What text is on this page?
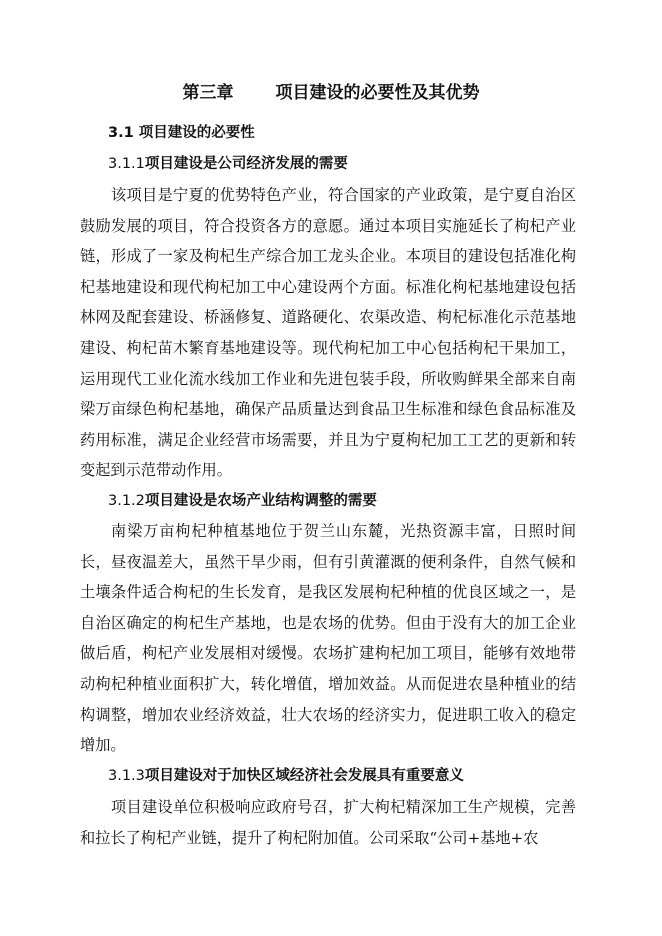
第三章 项目建设的必要性及其优势
3.1 项目建设的必要性
3.1.1项目建设是公司经济发展的需要

该项目是宁夏的优势特色产业，符合国家的产业政策，是宁夏自治区鼓励发展的项目，符合投资各方的意愿。通过本项目实施延长了枸杞产业链，形成了一家及枸杞生产综合加工龙头企业。本项目的建设包括准化枸杞基地建设和现代枸杞加工中心建设两个方面。标准化枸杞基地建设包括林网及配套建设、桥涵修复、道路硬化、农渠改造、枸杞标准化示范基地建设、枸杞苗木繁育基地建设等。现代枸杞加工中心包括枸杞干果加工，运用现代工业化流水线加工作业和先进包装手段，所收购鲜果全部来自南梁万亩绿色枸杞基地，确保产品质量达到食品卫生标准和绿色食品标准及药用标准，满足企业经营市场需要，并且为宁夏枸杞加工工艺的更新和转变起到示范带动作用。

3.1.2项目建设是农场产业结构调整的需要

南梁万亩枸杞种植基地位于贺兰山东麓，光热资源丰富，日照时间长，昼夜温差大，虽然干旱少雨，但有引黄灌溉的便利条件，自然气候和土壤条件适合枸杞的生长发育，是我区发展枸杞种植的优良区域之一，是自治区确定的枸杞生产基地，也是农场的优势。但由于没有大的加工企业做后盾，枸杞产业发展相对缓慢。农场扩建枸杞加工项目，能够有效地带动枸杞种植业面积扩大，转化增值，增加效益。从而促进农垦种植业的结构调整，增加农业经济效益，壮大农场的经济实力，促进职工收入的稳定增加。

3.1.3项目建设对于加快区域经济社会发展具有重要意义

项目建设单位积极响应政府号召，扩大枸杞精深加工生产规模，完善和拉长了枸杞产业链，提升了枸杞附加值。公司采取“公司+基地+农
